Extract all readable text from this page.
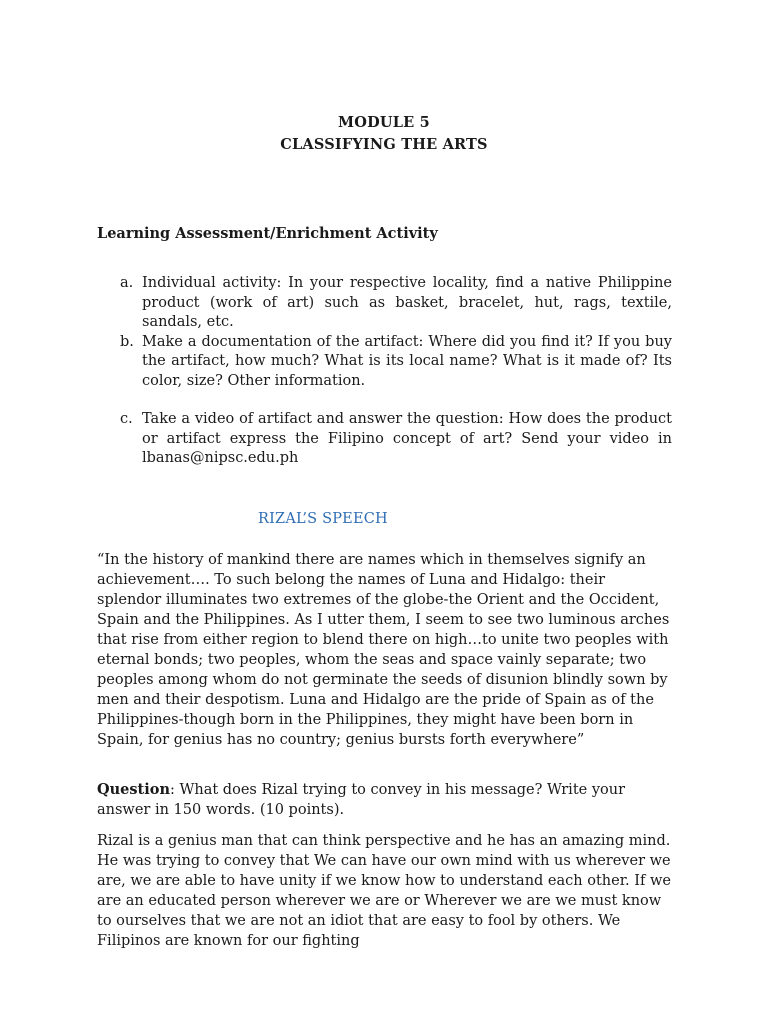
MODULE 5
CLASSIFYING THE ARTS
Learning Assessment/Enrichment Activity
a. Individual activity: In your respective locality, find a native Philippine product (work of art) such as basket, bracelet, hut, rags, textile, sandals, etc.
b. Make a documentation of the artifact: Where did you find it? If you buy the artifact, how much? What is its local name? What is it made of? Its color, size? Other information.
c. Take a video of artifact and answer the question: How does the product or artifact express the Filipino concept of art? Send your video in lbanas@nipsc.edu.ph
RIZAL’S SPEECH

“In the history of mankind there are names which in themselves signify an achievement…. To such belong the names of Luna and Hidalgo: their splendor illuminates two extremes of the globe-the Orient and the Occident, Spain and the Philippines. As I utter them, I seem to see two luminous arches that rise from either region to blend there on high…to unite two peoples with eternal bonds; two peoples, whom the seas and space vainly separate; two peoples among whom do not germinate the seeds of disunion blindly sown by men and their despotism. Luna and Hidalgo are the pride of Spain as of the Philippines-though born in the Philippines, they might have been born in Spain, for genius has no country; genius bursts forth everywhere”

Question: What does Rizal trying to convey in his message? Write your answer in 150 words. (10 points).

Rizal is a genius man that can think perspective and he has an amazing mind. He was trying to convey that We can have our own mind with us wherever we are, we are able to have unity if we know how to understand each other. If we are an educated person wherever we are or Wherever we are we must know to ourselves that we are not an idiot that are easy to fool by others. We Filipinos are known for our fighting
